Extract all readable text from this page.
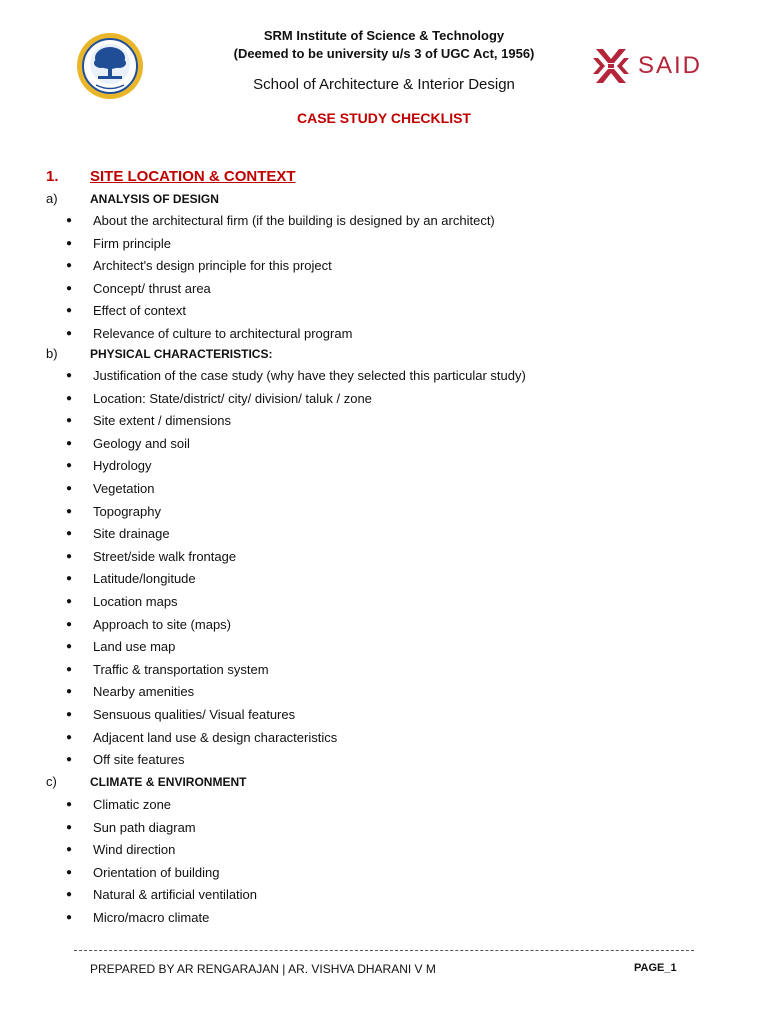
SRM Institute of Science & Technology
(Deemed to be university u/s 3 of UGC Act, 1956)
School of Architecture & Interior Design
CASE STUDY CHECKLIST
SAID
1. SITE LOCATION & CONTEXT
a)	ANALYSIS OF DESIGN
● About the architectural firm (if the building is designed by an architect)
● Firm principle
● Architect's design principle for this project
● Concept/ thrust area
● Effect of context
● Relevance of culture to architectural program
b)	PHYSICAL CHARACTERISTICS:
● Justification of the case study (why have they selected this particular study)
● Location: State/district/ city/ division/ taluk / zone
● Site extent / dimensions
● Geology and soil
● Hydrology
● Vegetation
● Topography
● Site drainage
● Street/side walk frontage
● Latitude/longitude
● Location maps
● Approach to site (maps)
● Land use map
● Traffic & transportation system
● Nearby amenities
● Sensuous qualities/ Visual features
● Adjacent land use & design characteristics
● Off site features
c)	CLIMATE & ENVIRONMENT
● Climatic zone
● Sun path diagram
● Wind direction
● Orientation of building
● Natural & artificial ventilation
● Micro/macro climate
PREPARED BY AR RENGARAJAN | AR. VISHVA DHARANI V M	PAGE_1
